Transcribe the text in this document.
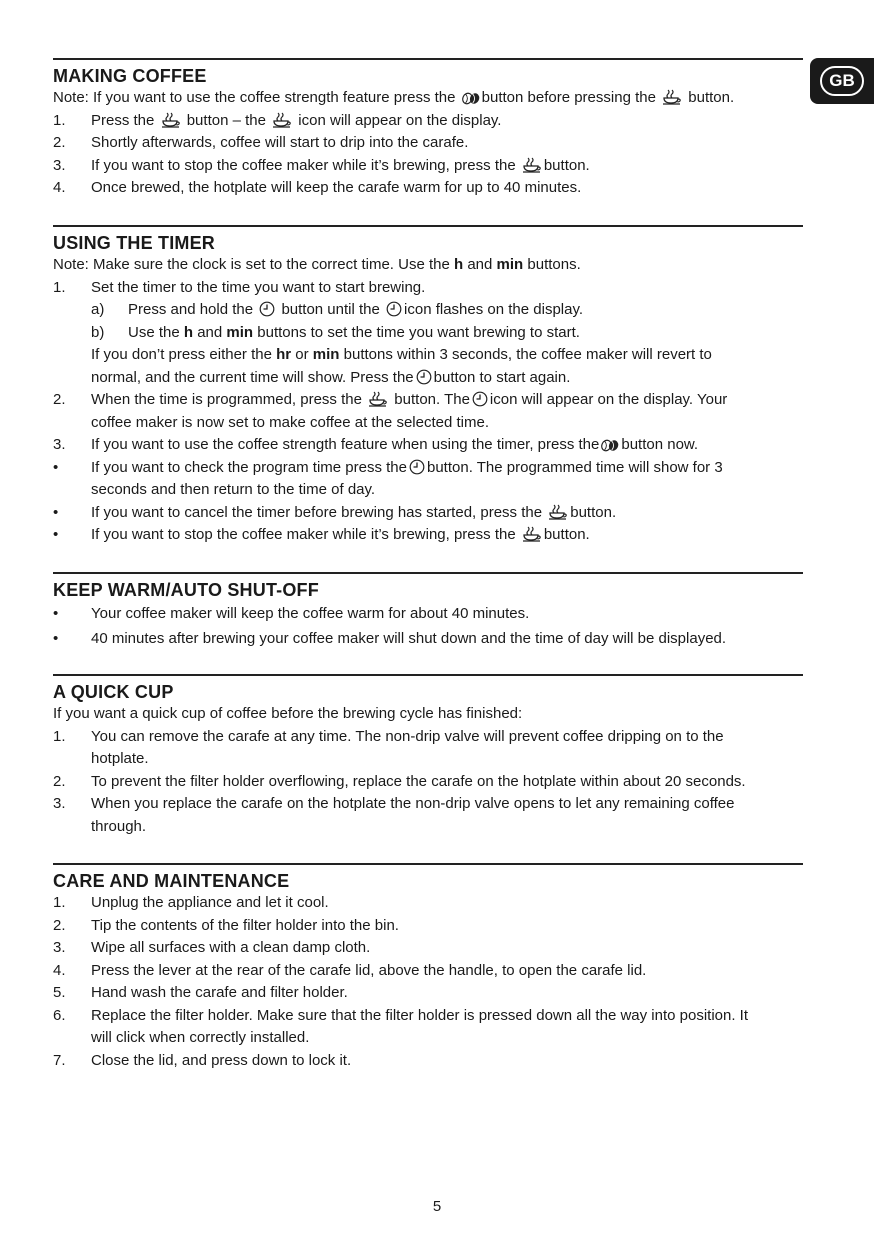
GB
MAKING COFFEE
Note: If you want to use the coffee strength feature press the button before pressing the button.
1.	Press the button – the icon will appear on the display.
2.	Shortly afterwards, coffee will start to drip into the carafe.
3.	If you want to stop the coffee maker while it’s brewing, press the button.
4.	Once brewed, the hotplate will keep the carafe warm for up to 40 minutes.
USING THE TIMER
Note: Make sure the clock is set to the correct time. Use the h and min buttons.
1.	Set the timer to the time you want to start brewing.
a)	Press and hold the button until the icon flashes on the display.
b)	Use the h and min buttons to set the time you want brewing to start.
If you don’t press either the hr or min buttons within 3 seconds, the coffee maker will revert to
normal, and the current time will show. Press the button to start again.
2.	When the time is programmed, press the button. The icon will appear on the display. Your
coffee maker is now set to make coffee at the selected time.
3.	If you want to use the coffee strength feature when using the timer, press the button now.
•	If you want to check the program time press the button. The programmed time will show for 3
seconds and then return to the time of day.
•	If you want to cancel the timer before brewing has started, press the button.
•	If you want to stop the coffee maker while it’s brewing, press the button.
KEEP WARM/AUTO SHUT-OFF
•	Your coffee maker will keep the coffee warm for about 40 minutes.
•	40 minutes after brewing your coffee maker will shut down and the time of day will be displayed.
A QUICK CUP
If you want a quick cup of coffee before the brewing cycle has finished:
1.	You can remove the carafe at any time. The non-drip valve will prevent coffee dripping on to the
hotplate.
2.	To prevent the filter holder overflowing, replace the carafe on the hotplate within about 20 seconds.
3.	When you replace the carafe on the hotplate the non-drip valve opens to let any remaining coffee
through.
CARE AND MAINTENANCE
1.	Unplug the appliance and let it cool.
2.	Tip the contents of the filter holder into the bin.
3.	Wipe all surfaces with a clean damp cloth.
4.	Press the lever at the rear of the carafe lid, above the handle, to open the carafe lid.
5.	Hand wash the carafe and filter holder.
6.	Replace the filter holder. Make sure that the filter holder is pressed down all the way into position. It
will click when correctly installed.
7.	Close the lid, and press down to lock it.
5
